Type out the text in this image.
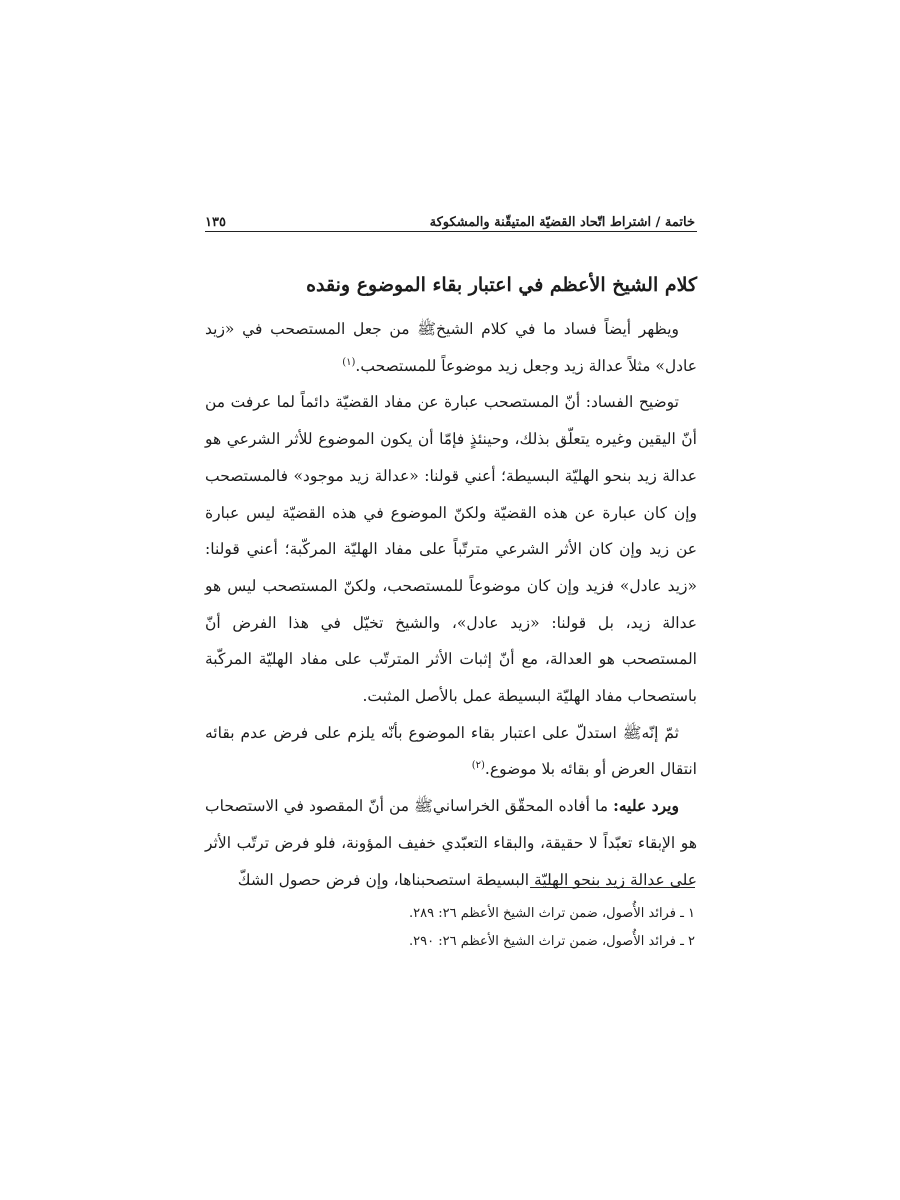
خاتمة / اشتراط اتّحاد القضيّة المتيقّنة والمشكوكة
١٣٥
كلام الشيخ الأعظم في اعتبار بقاء الموضوع ونقده

ويظهر أيضاً فساد ما في كلام الشيخ‏ﷺ من جعل المستصحب في «زيد عادل» مثلاً عدالة زيد وجعل زيد موضوعاً للمستصحب.$^{(١)}$

توضيح الفساد: أنّ المستصحب عبارة عن مفاد القضيّة دائماً لما عرفت من أنّ اليقين وغيره يتعلّق بذلك، وحينئذٍ فإمّا أن يكون الموضوع للأثر الشرعي هو عدالة زيد بنحو الهليّة البسيطة؛ أعني قولنا: «عدالة زيد موجود» فالمستصحب وإن كان عبارة عن هذه القضيّة ولكنّ الموضوع في هذه القضيّة ليس عبارة عن زيد وإن كان الأثر الشرعي مترتّباً على مفاد الهليّة المركّبة؛ أعني قولنا: «زيد عادل» فزيد وإن كان موضوعاً للمستصحب، ولكنّ المستصحب ليس هو عدالة زيد، بل قولنا: «زيد عادل»، والشيخ تخيّل في هذا الفرض أنّ المستصحب هو العدالة، مع أنّ إثبات الأثر المترتّب على مفاد الهليّة المركّبة باستصحاب مفاد الهليّة البسيطة عمل بالأصل المثبت.

ثمّ إنّه‏ﷺ استدلّ على اعتبار بقاء الموضوع بأنّه يلزم على فرض عدم بقائه انتقال العرض أو بقائه بلا موضوع.$^{(٢)}$

ويرد عليه: ما أفاده المحقّق الخراساني‏ﷺ من أنّ المقصود في الاستصحاب هو الإبقاء تعبّداً لا حقيقة، والبقاء التعبّدي خفيف المؤونة، فلو فرض ترتّب الأثر على عدالة زيد بنحو الهليّة البسيطة استصحبناها، وإن فرض حصول الشكّ

١ ـ فرائد الأُصول، ضمن تراث الشيخ الأعظم ٢٦: ٢٨٩.
٢ ـ فرائد الأُصول، ضمن تراث الشيخ الأعظم ٢٦: ٢٩٠.
